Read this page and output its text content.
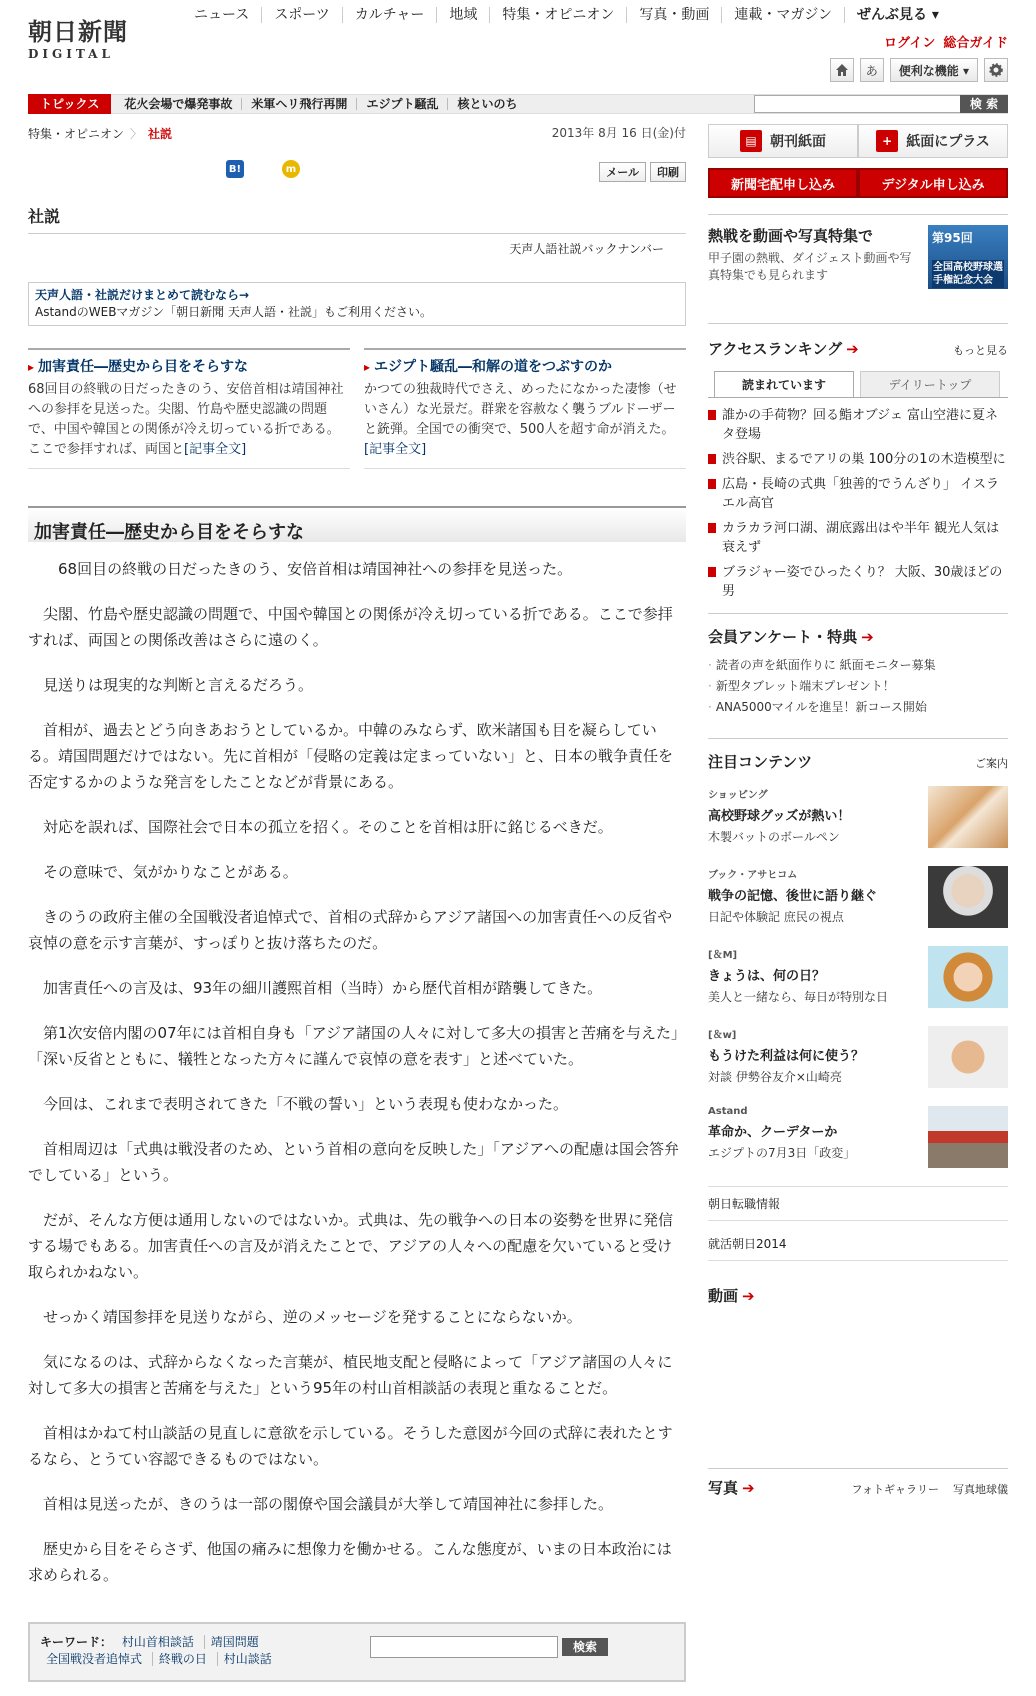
朝日新聞
DIGITAL
ニュース	スポーツ	カルチャー	地域	特集・オピニオン	写真・動画	連載・マガジン	ぜんぶ見る ▾
ログイン 総合ガイド
あ	便利な機能 ▾
トピックス	花火会場で爆発事故	米軍ヘリ飛行再開	エジプト騒乱	核といのち	検 索
特集・オピニオン 〉 社説	2013年 8月 16 日(金)付
B!	m	メール	印刷
社説
天声人語 社説バックナンバー
天声人語・社説だけまとめて読むなら→
AstandのWEBマガジン「朝日新聞 天声人語・社説」もご利用ください。
▸ 加害責任―歴史から目をそらすな
68回目の終戦の日だったきのう、安倍首相は靖国神社への参拝を見送った。尖閣、竹島や歴史認識の問題で、中国や韓国との関係が冷え切っている折である。ここで参拝すれば、両国と[記事全文]
▸ エジプト騒乱―和解の道をつぶすのか
かつての独裁時代でさえ、めったになかった凄惨（せいさん）な光景だ。群衆を容赦なく襲うブルドーザーと銃弾。全国での衝突で、500人を超す命が消えた。[記事全文]
加害責任―歴史から目をそらすな

68回目の終戦の日だったきのう、安倍首相は靖国神社への参拝を見送った。

尖閣、竹島や歴史認識の問題で、中国や韓国との関係が冷え切っている折である。ここで参拝すれば、両国との関係改善はさらに遠のく。

見送りは現実的な判断と言えるだろう。

首相が、過去とどう向きあおうとしているか。中韓のみならず、欧米諸国も目を凝らしている。靖国問題だけではない。先に首相が「侵略の定義は定まっていない」と、日本の戦争責任を否定するかのような発言をしたことなどが背景にある。

対応を誤れば、国際社会で日本の孤立を招く。そのことを首相は肝に銘じるべきだ。

その意味で、気がかりなことがある。

きのうの政府主催の全国戦没者追悼式で、首相の式辞からアジア諸国への加害責任への反省や哀悼の意を示す言葉が、すっぽりと抜け落ちたのだ。

加害責任への言及は、93年の細川護熙首相（当時）から歴代首相が踏襲してきた。

第1次安倍内閣の07年には首相自身も「アジア諸国の人々に対して多大の損害と苦痛を与えた」「深い反省とともに、犠牲となった方々に謹んで哀悼の意を表す」と述べていた。

今回は、これまで表明されてきた「不戦の誓い」という表現も使わなかった。

首相周辺は「式典は戦没者のため、という首相の意向を反映した」「アジアへの配慮は国会答弁でしている」という。

だが、そんな方便は通用しないのではないか。式典は、先の戦争への日本の姿勢を世界に発信する場でもある。加害責任への言及が消えたことで、アジアの人々への配慮を欠いていると受け取られかねない。

せっかく靖国参拝を見送りながら、逆のメッセージを発することにならないか。

気になるのは、式辞からなくなった言葉が、植民地支配と侵略によって「アジア諸国の人々に対して多大の損害と苦痛を与えた」という95年の村山首相談話の表現と重なることだ。

首相はかねて村山談話の見直しに意欲を示している。そうした意図が今回の式辞に表れたとするなら、とうてい容認できるものではない。

首相は見送ったが、きのうは一部の閣僚や国会議員が大挙して靖国神社に参拝した。

歴史から目をそらさず、他国の痛みに想像力を働かせる。こんな態度が、いまの日本政治には求められる。

キーワード： 村山首相談話 靖国問題
全国戦没者追悼式 終戦の日 村山談話
検索
▤ 朝刊紙面	+ 紙面にプラス
新聞宅配申し込み	デジタル申し込み
熱戦を動画や写真特集で
甲子園の熱戦、ダイジェスト動画や写真特集でも見られます
第95回
全国高校野球選手権記念大会
アクセスランキング ➔	もっと見る
読まれています	デイリートップ
誰かの手荷物？回る鮨オブジェ 富山空港に夏ネタ登場
渋谷駅、まるでアリの巣 100分の1の木造模型に
広島・長崎の式典「独善的でうんざり」 イスラエル高官
カラカラ河口湖、湖底露出はや半年 観光人気は衰えず
ブラジャー姿でひったくり？ 大阪、30歳ほどの男
会員アンケート・特典 ➔
· 読者の声を紙面作りに 紙面モニター募集
· 新型タブレット端末プレゼント！
· ANA5000マイルを進呈！新コース開始
注目コンテンツ	ご案内
ショッピング
高校野球グッズが熱い！
木製バットのボールペン
ブック・アサヒコム
戦争の記憶、後世に語り継ぐ
日記や体験記 庶民の視点
[＆M]
きょうは、何の日？
美人と一緒なら、毎日が特別な日
[＆w]
もうけた利益は何に使う？
対談 伊勢谷友介×山崎亮
Astand
革命か、クーデターか
エジプトの7月3日「政変」
朝日転職情報
就活朝日2014
動画 ➔
写真 ➔	フォトギャラリー 写真地球儀
